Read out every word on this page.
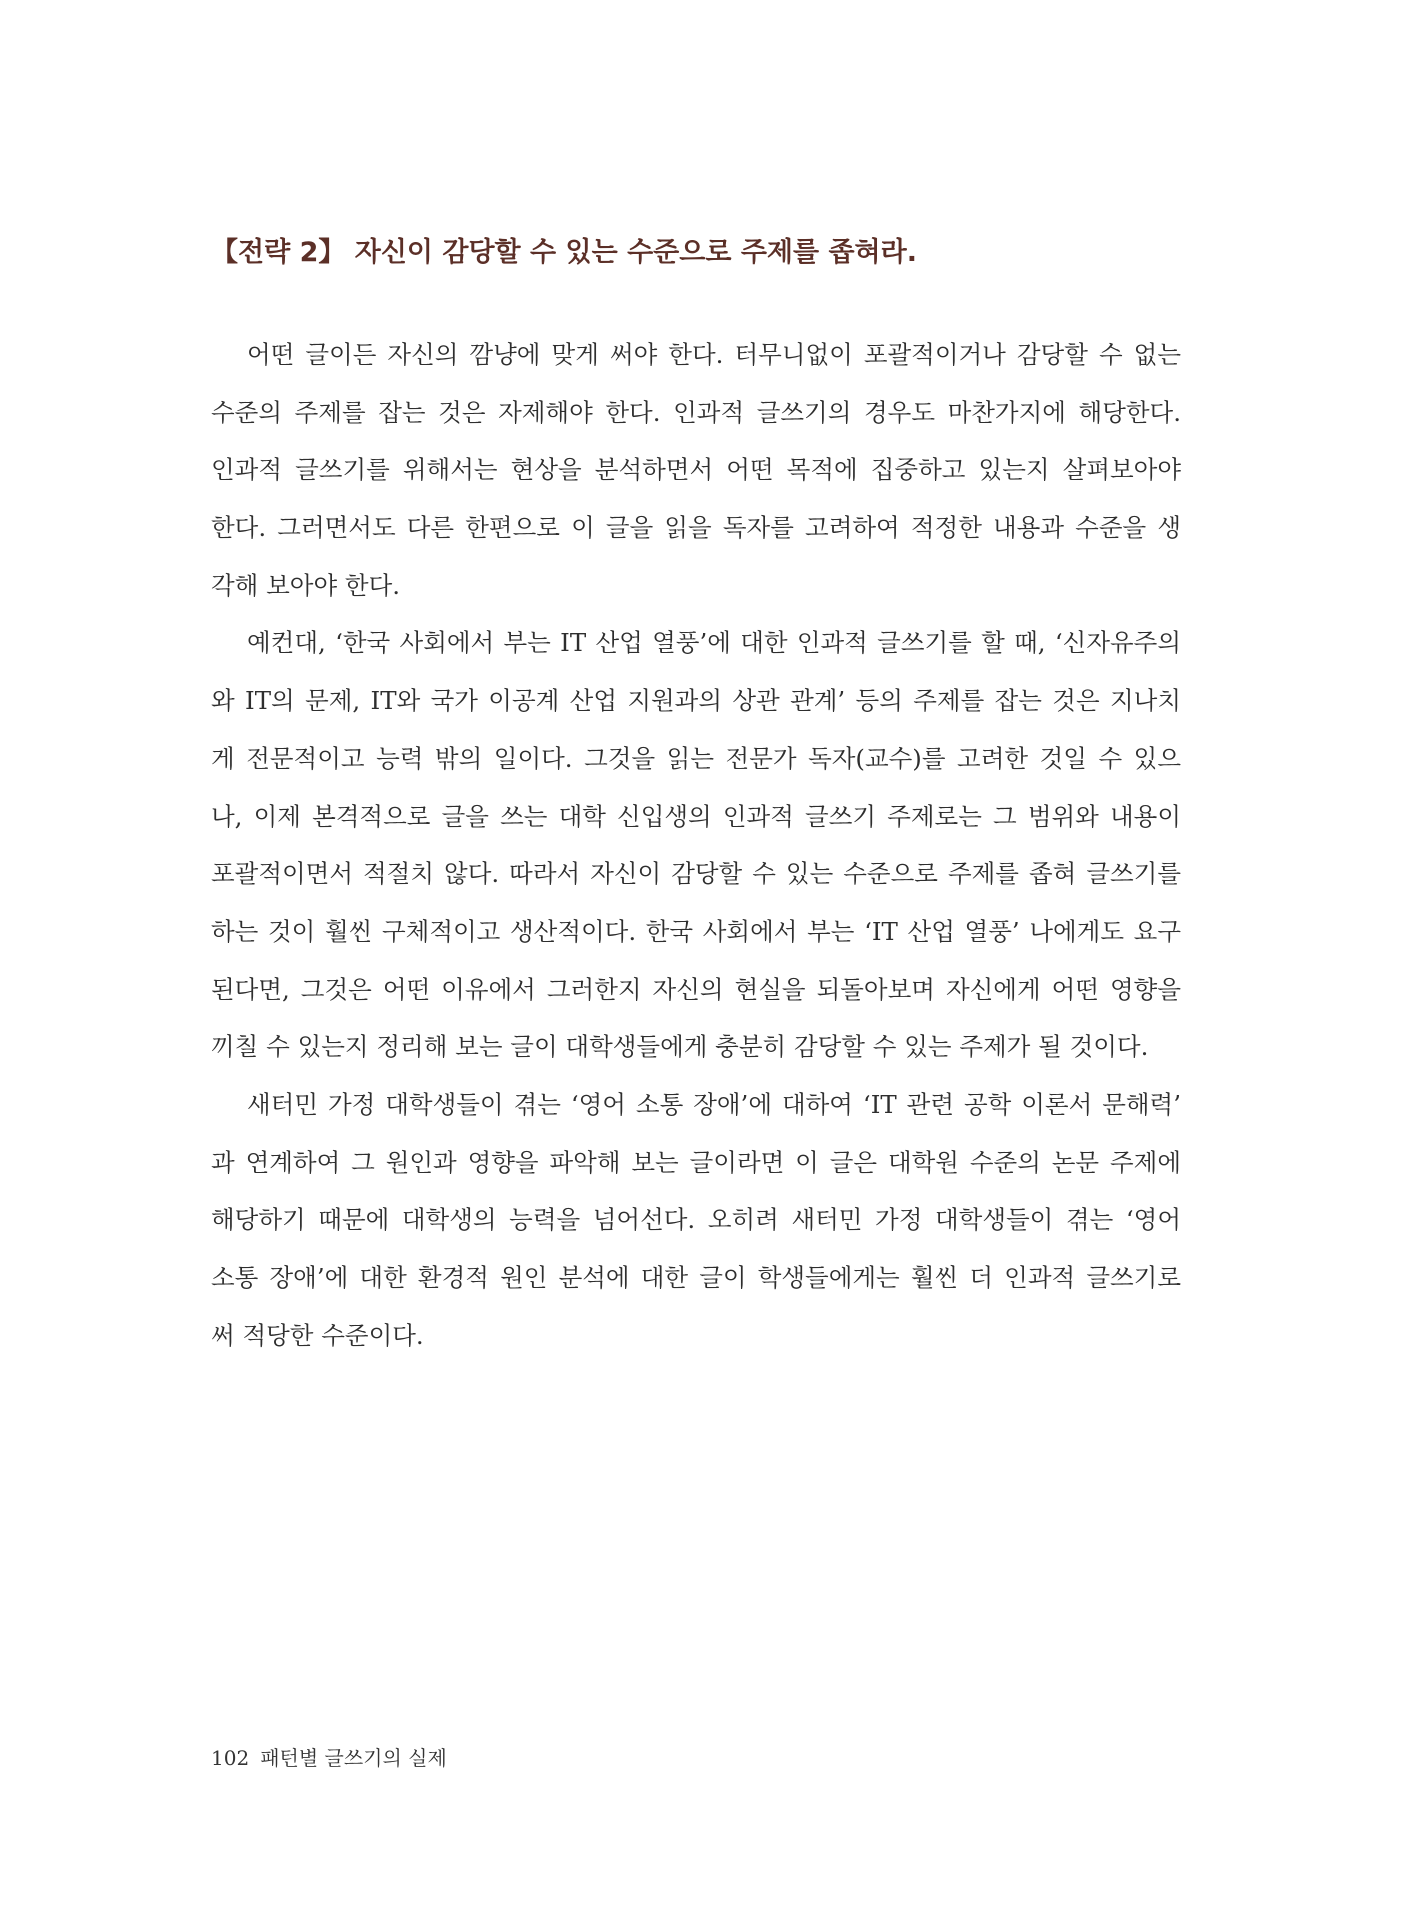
【전략 2】 자신이 감당할 수 있는 수준으로 주제를 좁혀라.
어떤 글이든 자신의 깜냥에 맞게 써야 한다. 터무니없이 포괄적이거나 감당할 수 없는
수준의 주제를 잡는 것은 자제해야 한다. 인과적 글쓰기의 경우도 마찬가지에 해당한다.
인과적 글쓰기를 위해서는 현상을 분석하면서 어떤 목적에 집중하고 있는지 살펴보아야
한다. 그러면서도 다른 한편으로 이 글을 읽을 독자를 고려하여 적정한 내용과 수준을 생
각해 보아야 한다.
예컨대, ‘한국 사회에서 부는 IT 산업 열풍’에 대한 인과적 글쓰기를 할 때, ‘신자유주의
와 IT의 문제, IT와 국가 이공계 산업 지원과의 상관 관계’ 등의 주제를 잡는 것은 지나치
게 전문적이고 능력 밖의 일이다. 그것을 읽는 전문가 독자(교수)를 고려한 것일 수 있으
나, 이제 본격적으로 글을 쓰는 대학 신입생의 인과적 글쓰기 주제로는 그 범위와 내용이
포괄적이면서 적절치 않다. 따라서 자신이 감당할 수 있는 수준으로 주제를 좁혀 글쓰기를
하는 것이 훨씬 구체적이고 생산적이다. 한국 사회에서 부는 ‘IT 산업 열풍’ 나에게도 요구
된다면, 그것은 어떤 이유에서 그러한지 자신의 현실을 되돌아보며 자신에게 어떤 영향을
끼칠 수 있는지 정리해 보는 글이 대학생들에게 충분히 감당할 수 있는 주제가 될 것이다.
새터민 가정 대학생들이 겪는 ‘영어 소통 장애’에 대하여 ‘IT 관련 공학 이론서 문해력’
과 연계하여 그 원인과 영향을 파악해 보는 글이라면 이 글은 대학원 수준의 논문 주제에
해당하기 때문에 대학생의 능력을 넘어선다. 오히려 새터민 가정 대학생들이 겪는 ‘영어
소통 장애’에 대한 환경적 원인 분석에 대한 글이 학생들에게는 훨씬 더 인과적 글쓰기로
써 적당한 수준이다.
102 패턴별 글쓰기의 실제
